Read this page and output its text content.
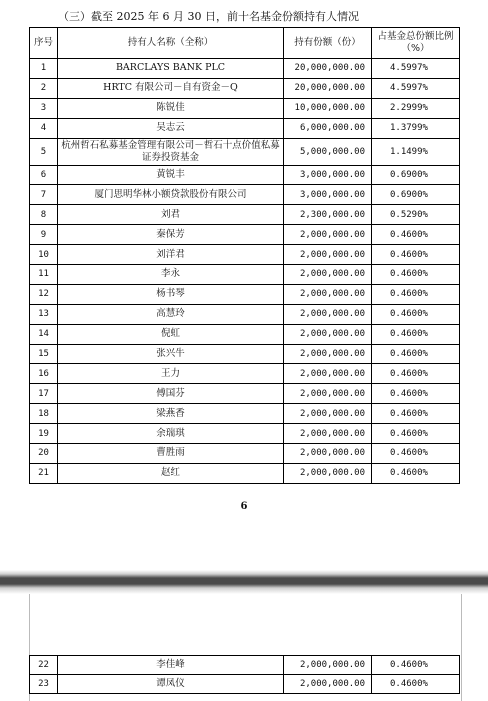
（三）截至 2025 年 6 月 30 日，前十名基金份额持有人情况
序号	持有人名称（全称）	持有份额（份）	占基金总份额比例（%）
1	BARCLAYS BANK PLC	20,000,000.00	4.5997%
2	HRTC 有限公司－自有资金－Q	20,000,000.00	4.5997%
3	陈锐佳	10,000,000.00	2.2999%
4	吴志云	6,000,000.00	1.3799%
5	杭州哲石私募基金管理有限公司－哲石十点价值私募证券投资基金	5,000,000.00	1.1499%
6	黄锐丰	3,000,000.00	0.6900%
7	厦门思明华林小额贷款股份有限公司	3,000,000.00	0.6900%
8	刘君	2,300,000.00	0.5290%
9	秦保芳	2,000,000.00	0.4600%
10	刘洋君	2,000,000.00	0.4600%
11	李永	2,000,000.00	0.4600%
12	杨书琴	2,000,000.00	0.4600%
13	高慧玲	2,000,000.00	0.4600%
14	倪虹	2,000,000.00	0.4600%
15	张兴牛	2,000,000.00	0.4600%
16	王力	2,000,000.00	0.4600%
17	傅国芬	2,000,000.00	0.4600%
18	梁燕香	2,000,000.00	0.4600%
19	余瑞琪	2,000,000.00	0.4600%
20	曹胜雨	2,000,000.00	0.4600%
21	赵红	2,000,000.00	0.4600%
6
22	李佳峰	2,000,000.00	0.4600%
23	谭凤仪	2,000,000.00	0.4600%
